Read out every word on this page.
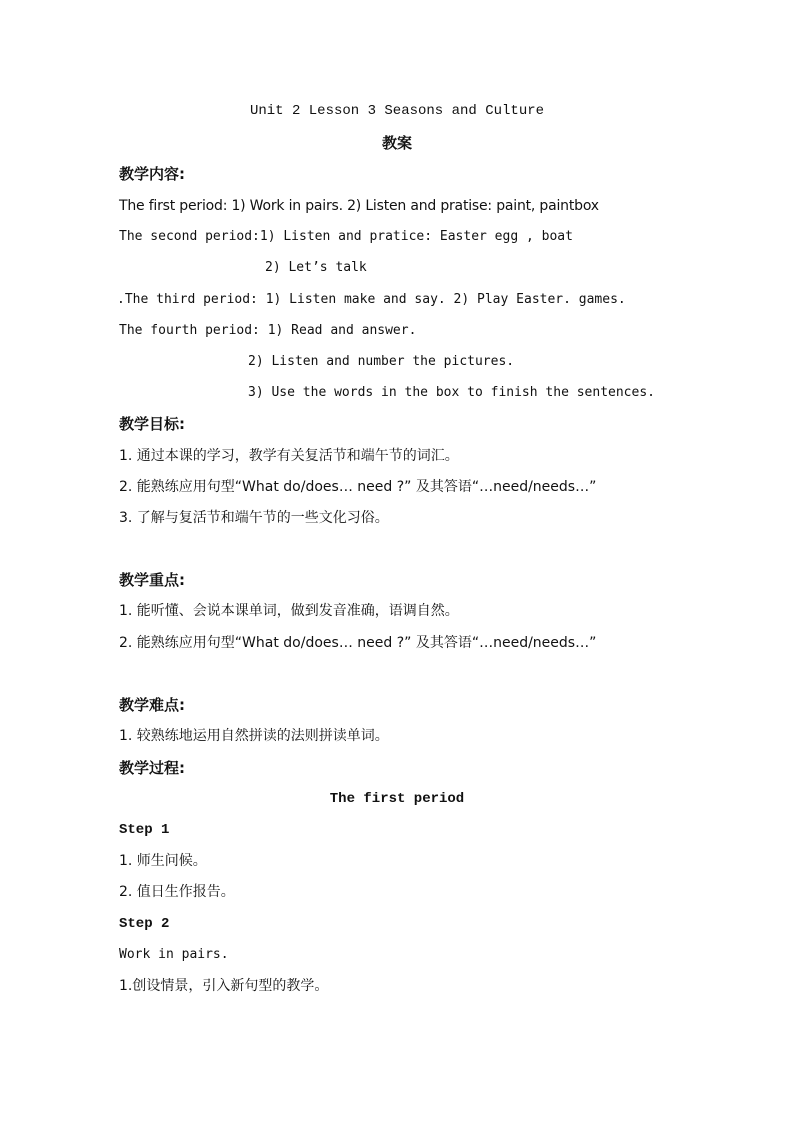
Unit 2 Lesson 3 Seasons and Culture
教案
教学内容:
The first period: 1) Work in pairs. 2) Listen and pratise: paint, paintbox
The second period:1) Listen and pratice: Easter egg , boat
2) Let’s talk
.The third period: 1) Listen make and say. 2) Play Easter. games.
The fourth period: 1) Read and answer.
2) Listen and number the pictures.
3) Use the words in the box to finish the sentences.
教学目标:
1. 通过本课的学习，教学有关复活节和端午节的词汇。
2. 能熟练应用句型“What do/does… need ?” 及其答语“…need/needs…”
3. 了解与复活节和端午节的一些文化习俗。
教学重点:
1. 能听懂、会说本课单词，做到发音准确，语调自然。
2. 能熟练应用句型“What do/does… need ?” 及其答语“…need/needs…”
教学难点:
1. 较熟练地运用自然拼读的法则拼读单词。
教学过程:
The first period
Step 1
1. 师生问候。
2. 值日生作报告。
Step 2
Work in pairs.
1.创设情景，引入新句型的教学。
